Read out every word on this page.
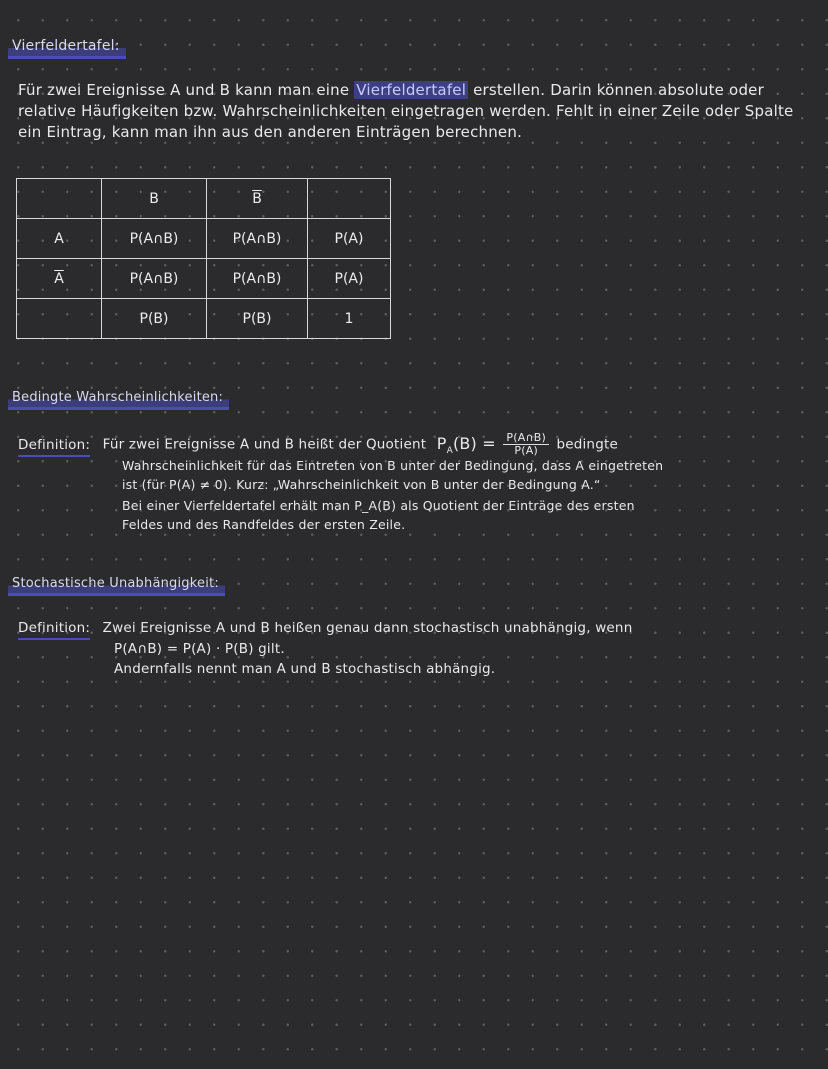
Vierfeldertafel:
Für zwei Ereignisse A und B kann man eine Vierfeldertafel erstellen. Darin können absolute oder relative Häufigkeiten bzw. Wahrscheinlichkeiten eingetragen werden. Fehlt in einer Zeile oder Spalte ein Eintrag, kann man ihn aus den anderen Einträgen berechnen.
	B	$\overline{B}$	
A	P(A∩B)	P(A∩B)	P(A)
$\overline{A}$	P(A∩B)	P(A∩B)	P(A)
	P(B)	P(B)	1
Bedingte Wahrscheinlichkeiten:
Definition: Für zwei Ereignisse A und B heißt der Quotient $P_A(B) = \frac{P(A\cap B)}{P(A)}$ bedingte
Wahrscheinlichkeit für das Eintreten von B unter der Bedingung, dass A eingetreten
ist (für P(A) ≠ 0). Kurz: „Wahrscheinlichkeit von B unter der Bedingung A.“
Bei einer Vierfeldertafel erhält man P_A(B) als Quotient der Einträge des ersten
Feldes und des Randfeldes der ersten Zeile.
Stochastische Unabhängigkeit:
Definition: Zwei Ereignisse A und B heißen genau dann stochastisch unabhängig, wenn
P(A∩B) = P(A) · P(B) gilt.
Andernfalls nennt man A und B stochastisch abhängig.
